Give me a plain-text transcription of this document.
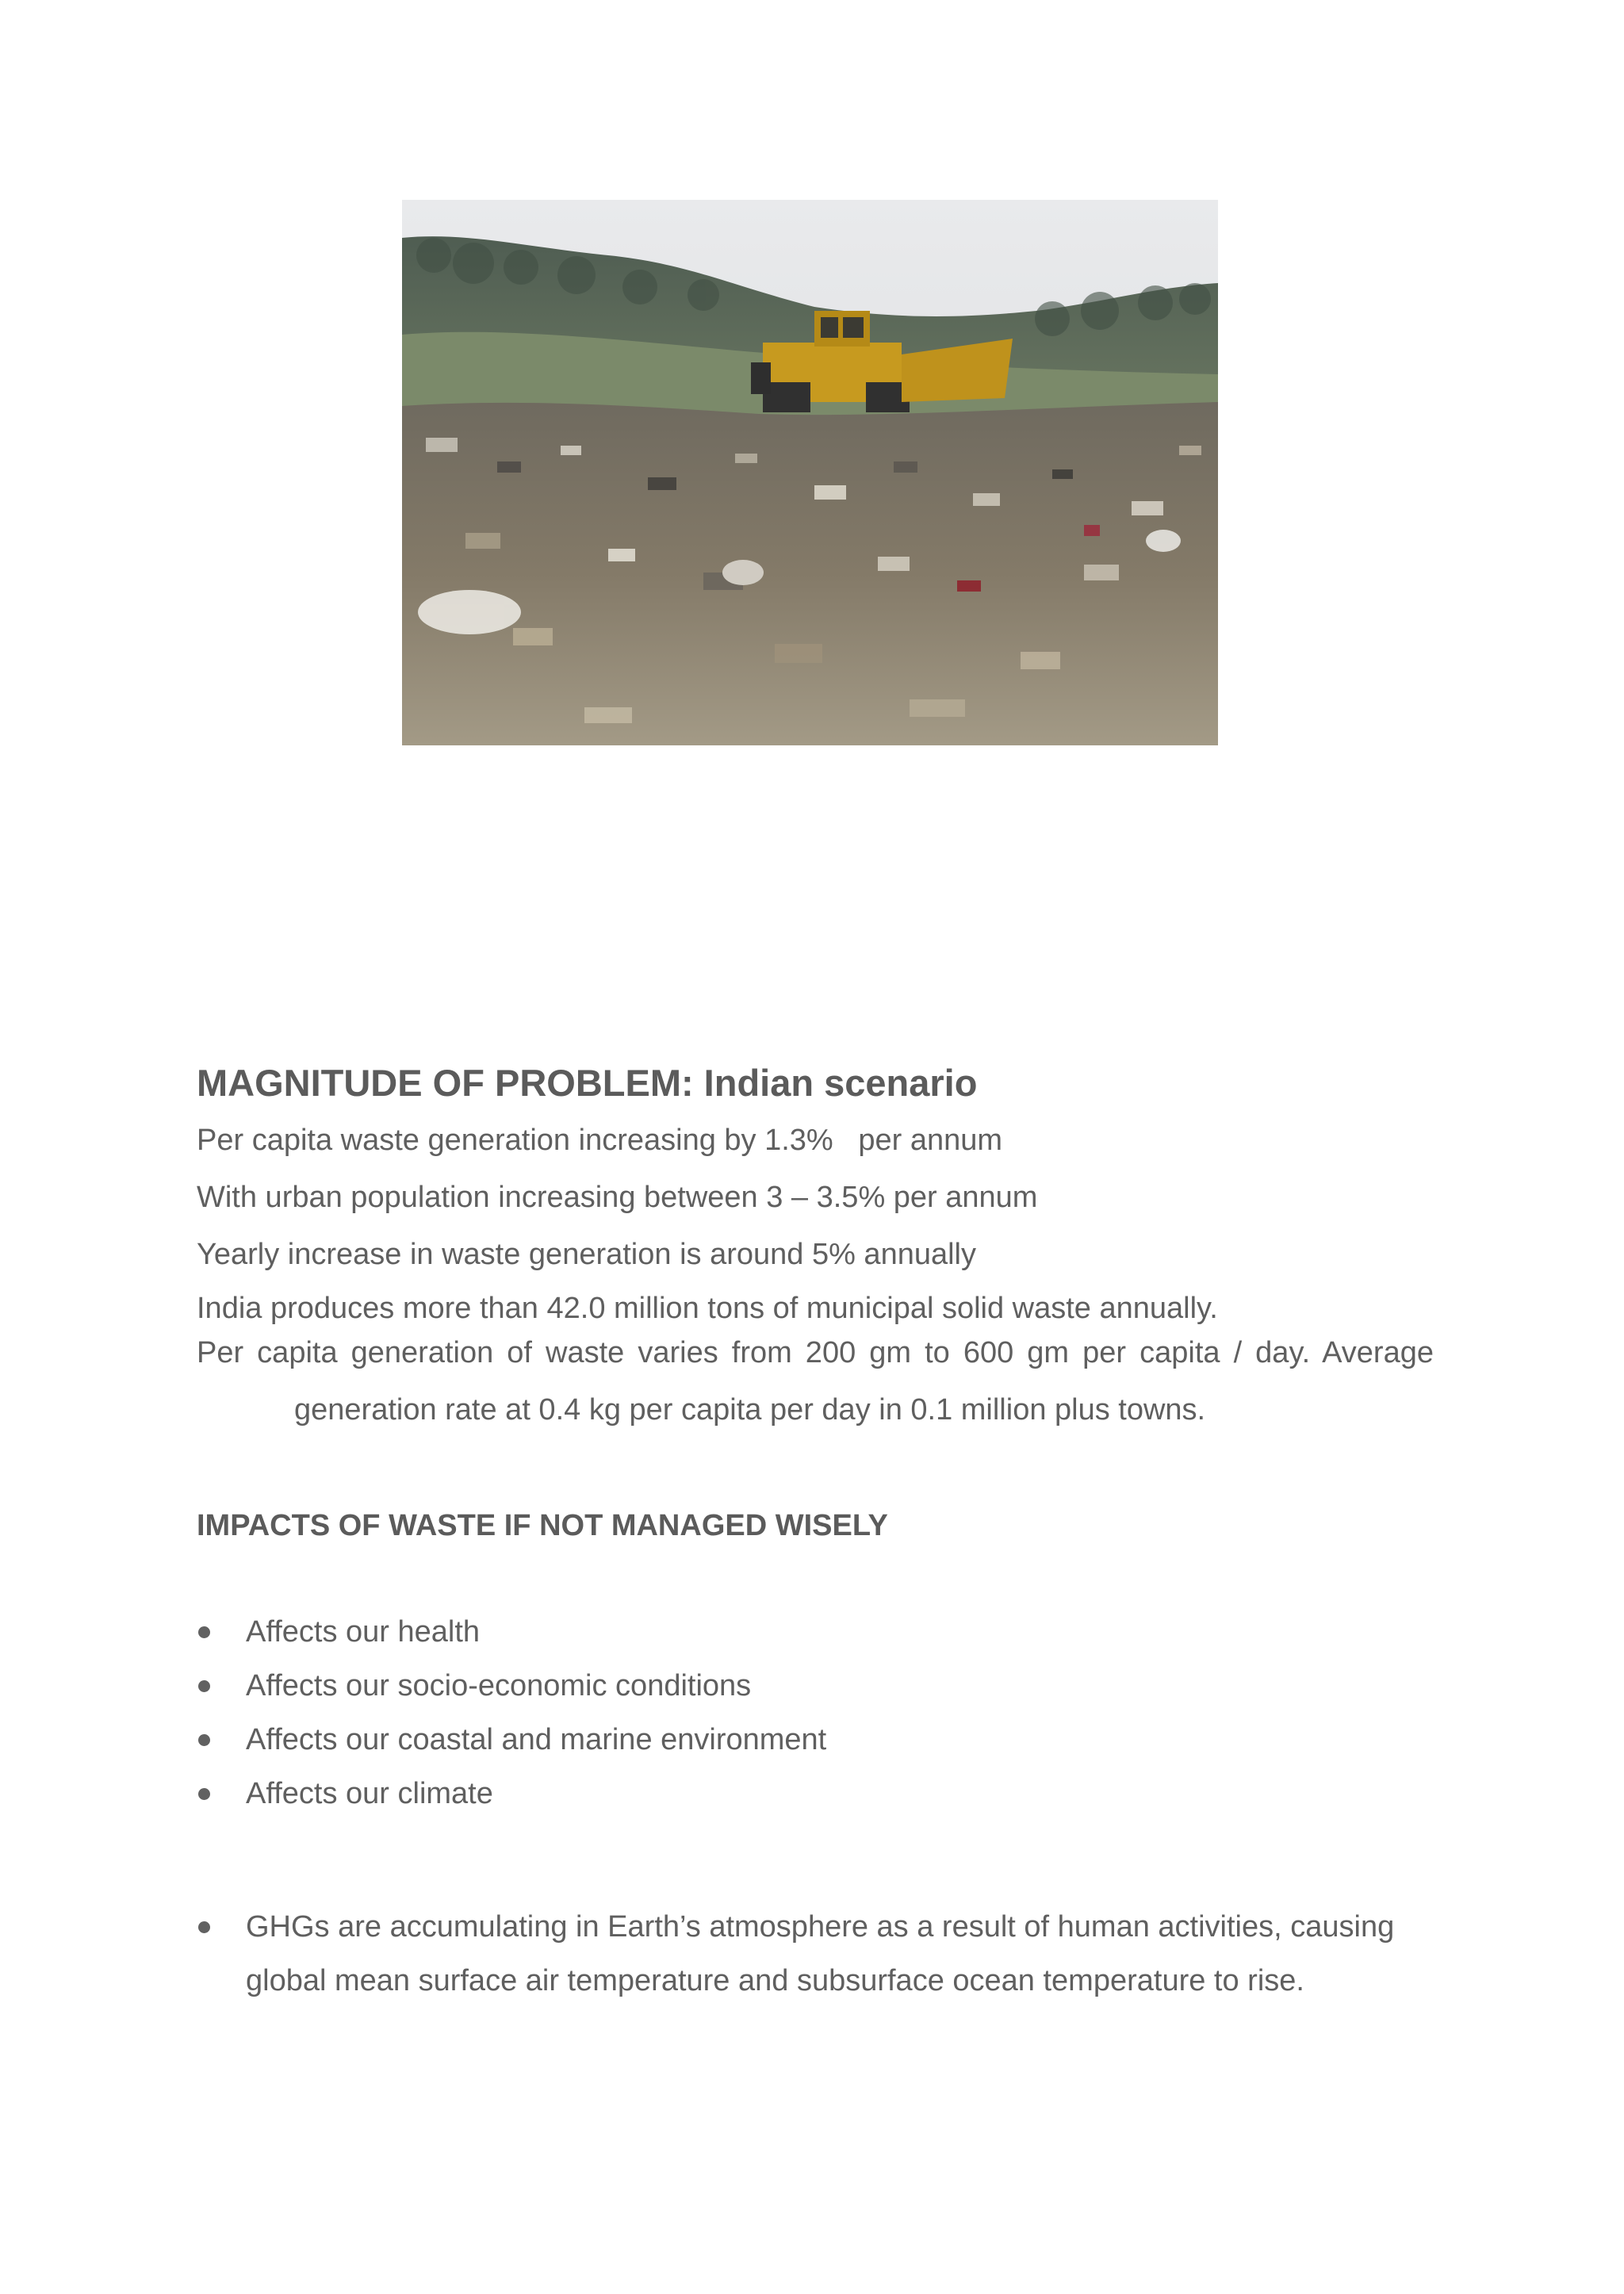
MAGNITUDE OF PROBLEM: Indian scenario

Per capita waste generation increasing by 1.3%   per annum

With urban population increasing between 3 – 3.5% per annum

Yearly increase in waste generation is around 5% annually

India produces more than 42.0 million tons of municipal solid waste annually.

Per capita generation of waste varies from 200 gm to 600 gm per capita / day. Average
generation rate at 0.4 kg per capita per day in 0.1 million plus towns.

IMPACTS OF WASTE IF NOT MANAGED WISELY
Affects our health
Affects our socio-economic conditions
Affects our coastal and marine environment
Affects our climate
GHGs are accumulating in Earth’s atmosphere as a result of human activities, causing global mean surface air temperature and subsurface ocean temperature to rise.
